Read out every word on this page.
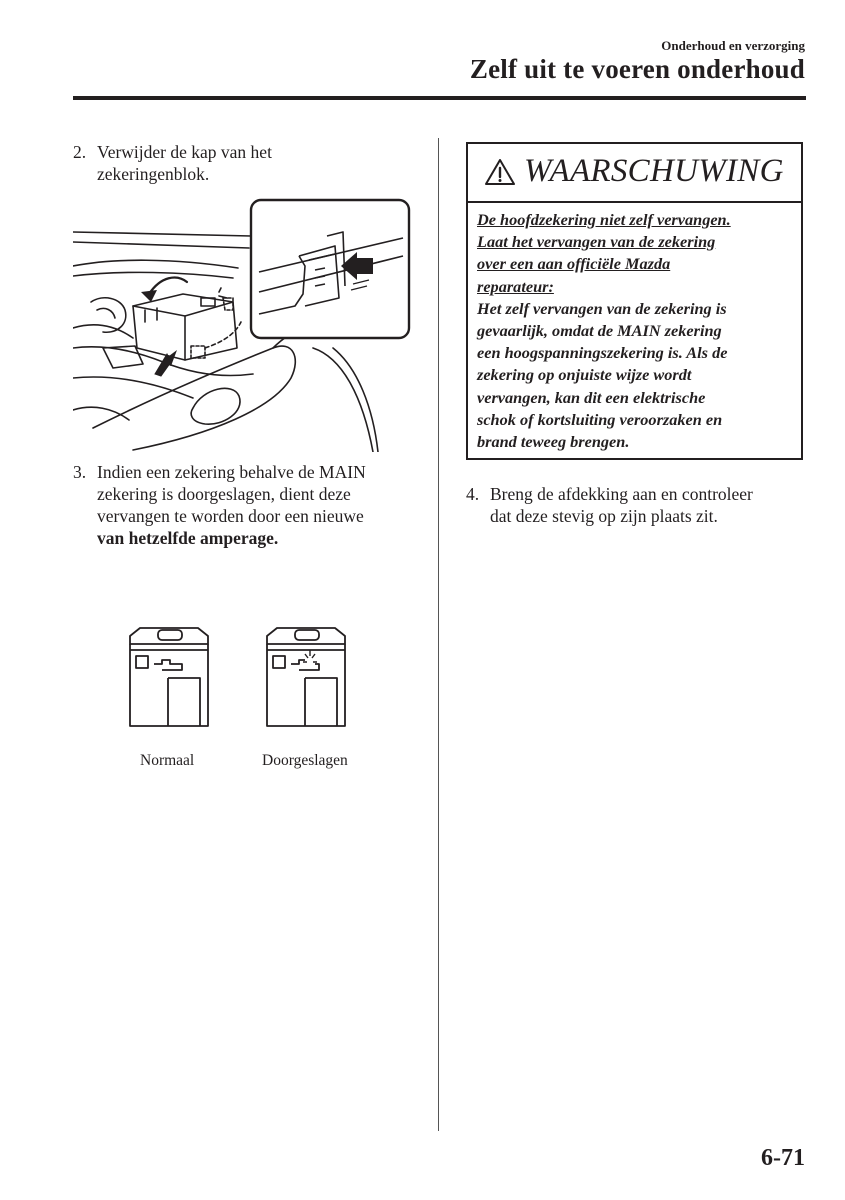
Onderhoud en verzorging
Zelf uit te voeren onderhoud
2. Verwijder de kap van het
zekeringenblok.
3. Indien een zekering behalve de MAIN
zekering is doorgeslagen, dient deze
vervangen te worden door een nieuwe
van hetzelfde amperage.
Normaal	Doorgeslagen
WAARSCHUWING
De hoofdzekering niet zelf vervangen.
Laat het vervangen van de zekering
over een aan officiële Mazda
reparateur:
Het zelf vervangen van de zekering is
gevaarlijk, omdat de MAIN zekering
een hoogspanningszekering is. Als de
zekering op onjuiste wijze wordt
vervangen, kan dit een elektrische
schok of kortsluiting veroorzaken en
brand teweeg brengen.
4. Breng de afdekking aan en controleer
dat deze stevig op zijn plaats zit.
6-71
